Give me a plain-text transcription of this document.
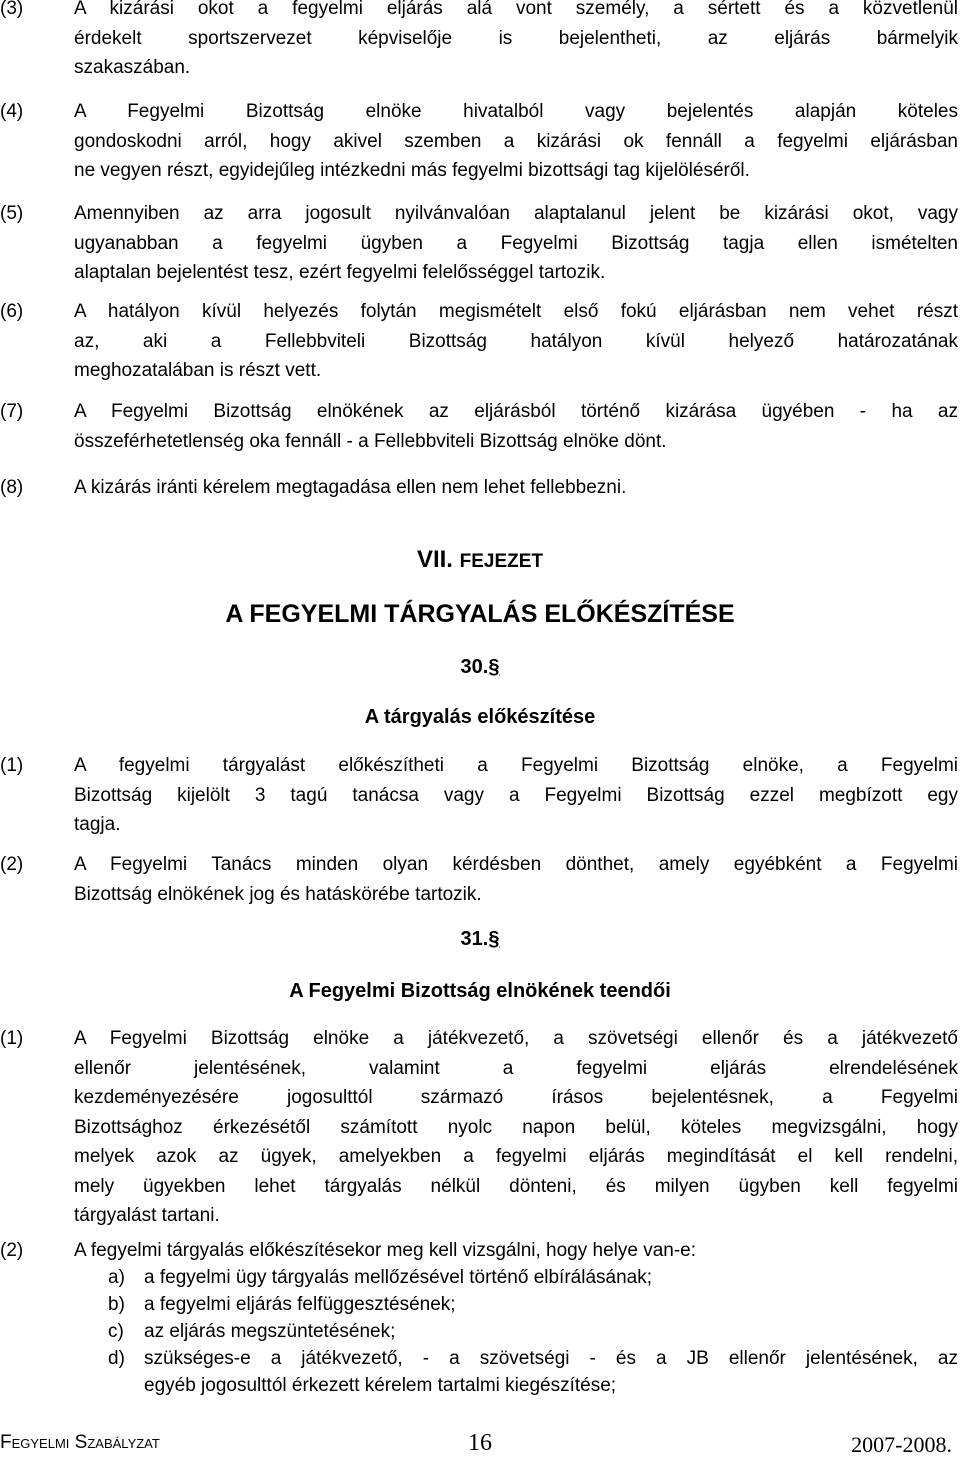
(3)	A kizárási okot a fegyelmi eljárás alá vont személy, a sértett és a közvetlenül
érdekelt sportszervezet képviselője is bejelentheti, az eljárás bármelyik
szakaszában.
(4)	A Fegyelmi Bizottság elnöke hivatalból vagy bejelentés alapján köteles
gondoskodni arról, hogy akivel szemben a kizárási ok fennáll a fegyelmi eljárásban
ne vegyen részt, egyidejűleg intézkedni más fegyelmi bizottsági tag kijelöléséről.
(5)	Amennyiben az arra jogosult nyilvánvalóan alaptalanul jelent be kizárási okot, vagy
ugyanabban a fegyelmi ügyben a Fegyelmi Bizottság tagja ellen ismételten
alaptalan bejelentést tesz, ezért fegyelmi felelősséggel tartozik.
(6)	A hatályon kívül helyezés folytán megismételt első fokú eljárásban nem vehet részt
az, aki a Fellebbviteli Bizottság hatályon kívül helyező határozatának
meghozatalában is részt vett.
(7)	A Fegyelmi Bizottság elnökének az eljárásból történő kizárása ügyében - ha az
összeférhetetlenség oka fennáll - a Fellebbviteli Bizottság elnöke dönt.
(8)	A kizárás iránti kérelem megtagadása ellen nem lehet fellebbezni.
VII. FEJEZET
A FEGYELMI TÁRGYALÁS ELŐKÉSZÍTÉSE
30.§
A tárgyalás előkészítése
(1)	A fegyelmi tárgyalást előkészítheti a Fegyelmi Bizottság elnöke, a Fegyelmi
Bizottság kijelölt 3 tagú tanácsa vagy a Fegyelmi Bizottság ezzel megbízott egy
tagja.
(2)	A Fegyelmi Tanács minden olyan kérdésben dönthet, amely egyébként a Fegyelmi
Bizottság elnökének jog és hatáskörébe tartozik.
31.§
A Fegyelmi Bizottság elnökének teendői
(1)	A Fegyelmi Bizottság elnöke a játékvezető, a szövetségi ellenőr és a játékvezető
ellenőr jelentésének, valamint a fegyelmi eljárás elrendelésének
kezdeményezésére jogosulttól származó írásos bejelentésnek, a Fegyelmi
Bizottsághoz érkezésétől számított nyolc napon belül, köteles megvizsgálni, hogy
melyek azok az ügyek, amelyekben a fegyelmi eljárás megindítását el kell rendelni,
mely ügyekben lehet tárgyalás nélkül dönteni, és milyen ügyben kell fegyelmi
tárgyalást tartani.
(2)	A fegyelmi tárgyalás előkészítésekor meg kell vizsgálni, hogy helye van-e:
a) a fegyelmi ügy tárgyalás mellőzésével történő elbírálásának;
b) a fegyelmi eljárás felfüggesztésének;
c) az eljárás megszüntetésének;
d) szükséges-e a játékvezető, - a szövetségi - és a JB ellenőr jelentésének, az
egyéb jogosulttól érkezett kérelem tartalmi kiegészítése;
Fegyelmi Szabályzat	16	2007-2008.
